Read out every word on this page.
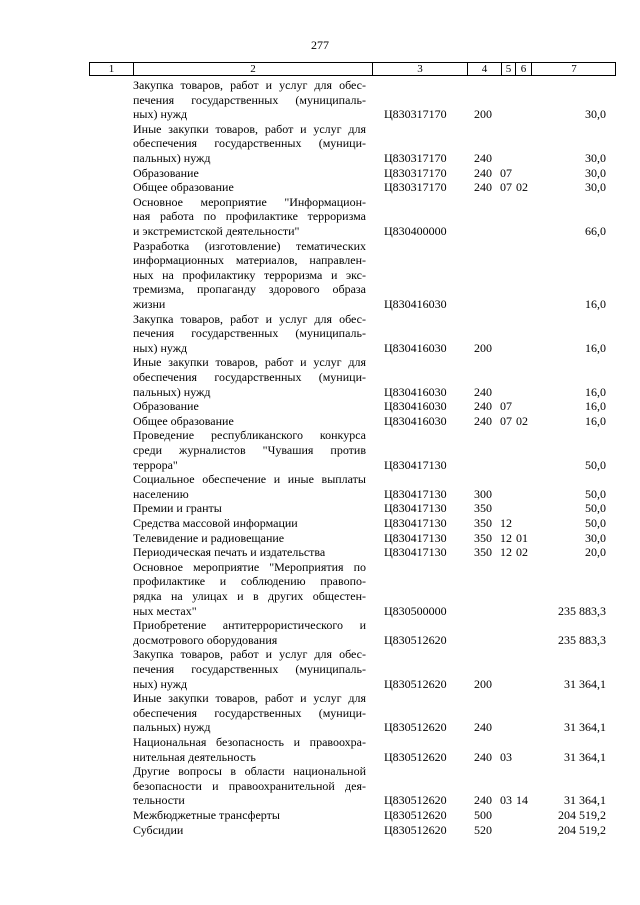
277
1	2	3	4	5 6	7
Закупка товаров, работ и услуг для обес-
печения государственных (муниципаль-
ных) нужд	Ц830317170 200	30,0
Иные закупки товаров, работ и услуг для
обеспечения государственных (муници-
пальных) нужд	Ц830317170 240	30,0
Образование	Ц830317170 240 07	30,0
Общее образование	Ц830317170 240 07 02	30,0
Основное мероприятие "Информацион-
ная работа по профилактике терроризма
и экстремистской деятельности"	Ц830400000	66,0
Разработка (изготовление) тематических
информационных материалов, направлен-
ных на профилактику терроризма и экс-
тремизма, пропаганду здорового образа
жизни	Ц830416030	16,0
Закупка товаров, работ и услуг для обес-
печения государственных (муниципаль-
ных) нужд	Ц830416030 200	16,0
Иные закупки товаров, работ и услуг для
обеспечения государственных (муници-
пальных) нужд	Ц830416030 240	16,0
Образование	Ц830416030 240 07	16,0
Общее образование	Ц830416030 240 07 02	16,0
Проведение республиканского конкурса
среди журналистов "Чувашия против
террора"	Ц830417130	50,0
Социальное обеспечение и иные выплаты
населению	Ц830417130 300	50,0
Премии и гранты	Ц830417130 350	50,0
Средства массовой информации	Ц830417130 350 12	50,0
Телевидение и радиовещание	Ц830417130 350 12 01	30,0
Периодическая печать и издательства	Ц830417130 350 12 02	20,0
Основное мероприятие "Мероприятия по
профилактике и соблюдению правопо-
рядка на улицах и в других общестен-
ных местах"	Ц830500000	235 883,3
Приобретение антитеррористического и
досмотрового оборудования	Ц830512620	235 883,3
Закупка товаров, работ и услуг для обес-
печения государственных (муниципаль-
ных) нужд	Ц830512620 200	31 364,1
Иные закупки товаров, работ и услуг для
обеспечения государственных (муници-
пальных) нужд	Ц830512620 240	31 364,1
Национальная безопасность и правоохра-
нительная деятельность	Ц830512620 240 03	31 364,1
Другие вопросы в области национальной
безопасности и правоохранительной дея-
тельности	Ц830512620 240 03 14	31 364,1
Межбюджетные трансферты	Ц830512620 500	204 519,2
Субсидии	Ц830512620 520	204 519,2
